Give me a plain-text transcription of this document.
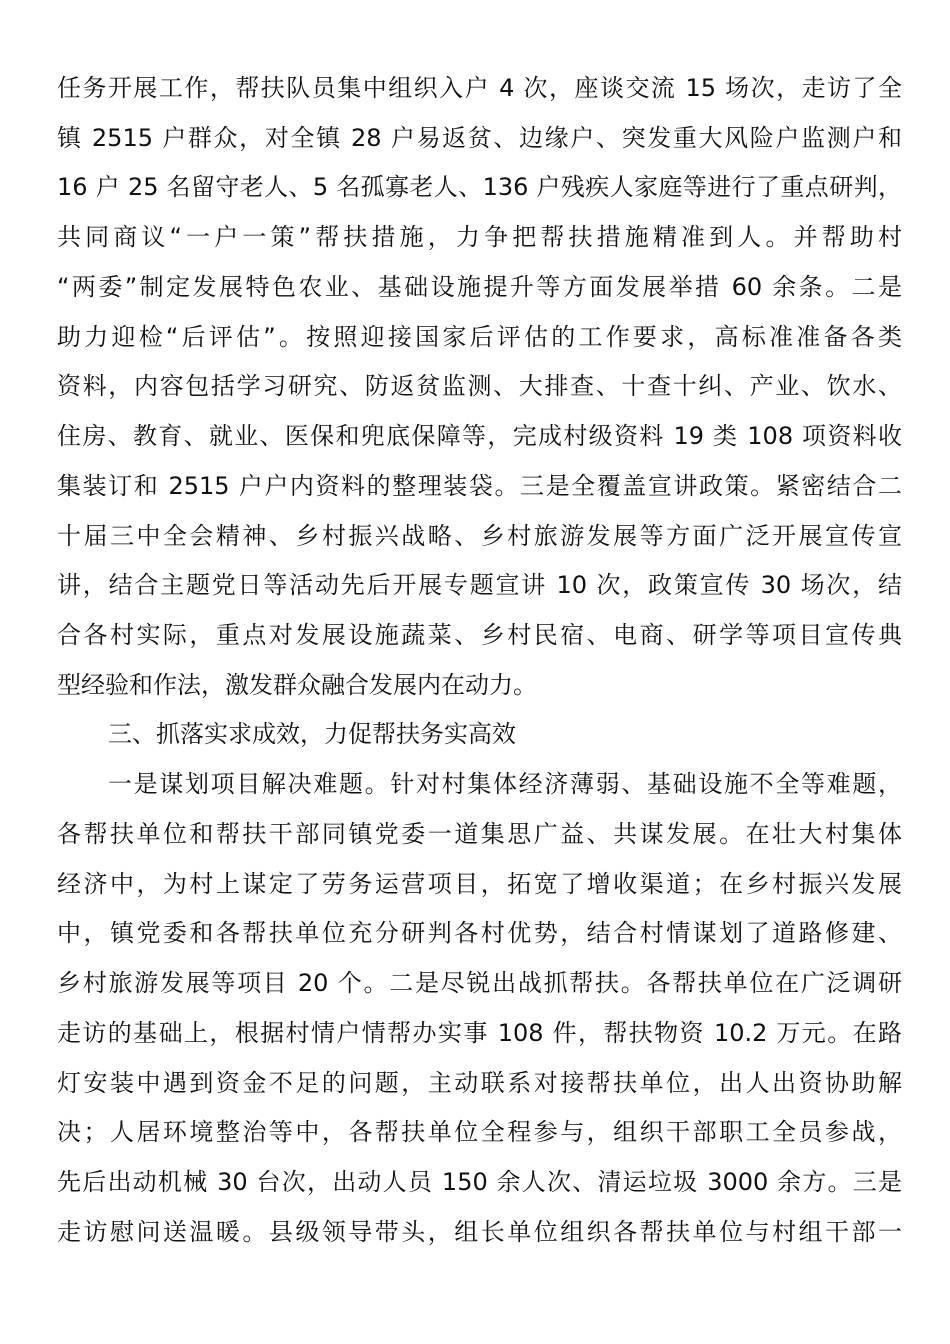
任务开展工作，帮扶队员集中组织入户 4 次，座谈交流 15 场次，走访了全
镇 2515 户群众，对全镇 28 户易返贫、边缘户、突发重大风险户监测户和
16 户 25 名留守老人、5 名孤寡老人、136 户残疾人家庭等进行了重点研判，
共同商议“一户一策”帮扶措施，力争把帮扶措施精准到人。并帮助村
“两委”制定发展特色农业、基础设施提升等方面发展举措 60 余条。二是
助力迎检“后评估”。按照迎接国家后评估的工作要求，高标准准备各类
资料，内容包括学习研究、防返贫监测、大排查、十查十纠、产业、饮水、
住房、教育、就业、医保和兜底保障等，完成村级资料 19 类 108 项资料收
集装订和 2515 户户内资料的整理装袋。三是全覆盖宣讲政策。紧密结合二
十届三中全会精神、乡村振兴战略、乡村旅游发展等方面广泛开展宣传宣
讲，结合主题党日等活动先后开展专题宣讲 10 次，政策宣传 30 场次，结
合各村实际，重点对发展设施蔬菜、乡村民宿、电商、研学等项目宣传典
型经验和作法，激发群众融合发展内在动力。
三、抓落实求成效，力促帮扶务实高效
一是谋划项目解决难题。针对村集体经济薄弱、基础设施不全等难题，
各帮扶单位和帮扶干部同镇党委一道集思广益、共谋发展。在壮大村集体
经济中，为村上谋定了劳务运营项目，拓宽了增收渠道；在乡村振兴发展
中，镇党委和各帮扶单位充分研判各村优势，结合村情谋划了道路修建、
乡村旅游发展等项目 20 个。二是尽锐出战抓帮扶。各帮扶单位在广泛调研
走访的基础上，根据村情户情帮办实事 108 件，帮扶物资 10.2 万元。在路
灯安装中遇到资金不足的问题，主动联系对接帮扶单位，出人出资协助解
决；人居环境整治等中，各帮扶单位全程参与，组织干部职工全员参战，
先后出动机械 30 台次，出动人员 150 余人次、清运垃圾 3000 余方。三是
走访慰问送温暖。县级领导带头，组长单位组织各帮扶单位与村组干部一
